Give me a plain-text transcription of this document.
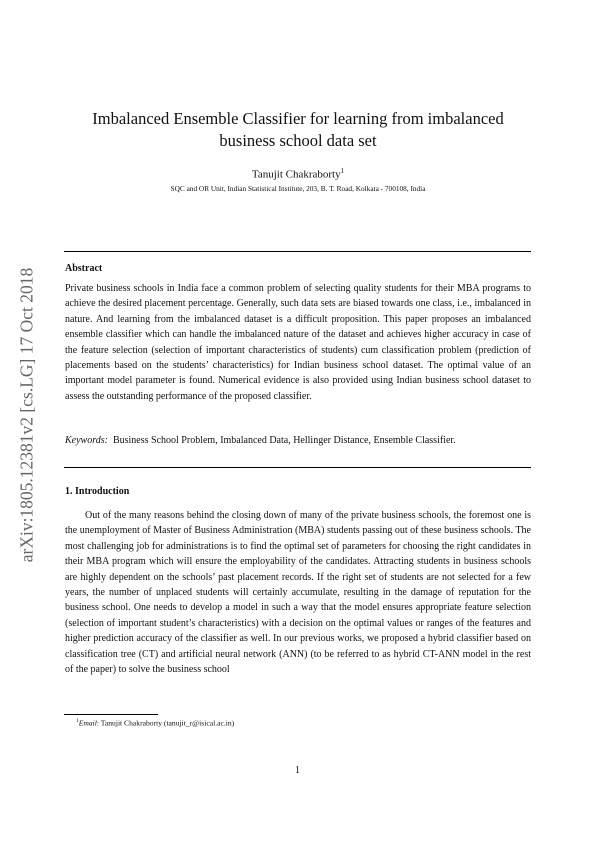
arXiv:1805.12381v2 [cs.LG] 17 Oct 2018
Imbalanced Ensemble Classifier for learning from imbalanced
business school data set
Tanujit Chakraborty$^1$
SQC and OR Unit, Indian Statistical Institute, 203, B. T. Road, Kolkata - 700108, India
Abstract
Private business schools in India face a common problem of selecting quality students for their MBA programs to achieve the desired placement percentage. Generally, such data sets are biased towards one class, i.e., imbalanced in nature. And learning from the imbalanced dataset is a difficult proposition. This paper proposes an imbalanced ensemble classifier which can handle the imbalanced nature of the dataset and achieves higher accuracy in case of the feature selection (selection of important characteristics of students) cum classification problem (prediction of placements based on the students’ characteristics) for Indian business school dataset. The optimal value of an important model parameter is found. Numerical evidence is also provided using Indian business school dataset to assess the outstanding performance of the proposed classifier.
Keywords: Business School Problem, Imbalanced Data, Hellinger Distance, Ensemble Classifier.
1. Introduction
Out of the many reasons behind the closing down of many of the private business schools, the foremost one is the unemployment of Master of Business Administration (MBA) students passing out of these business schools. The most challenging job for administrations is to find the optimal set of parameters for choosing the right candidates in their MBA program which will ensure the employability of the candidates. Attracting students in business schools are highly dependent on the schools’ past placement records. If the right set of students are not selected for a few years, the number of unplaced students will certainly accumulate, resulting in the damage of reputation for the business school. One needs to develop a model in such a way that the model ensures appropriate feature selection (selection of important student’s characteristics) with a decision on the optimal values or ranges of the features and higher prediction accuracy of the classifier as well. In our previous works, we proposed a hybrid classifier based on classification tree (CT) and artificial neural network (ANN) (to be referred to as hybrid CT-ANN model in the rest of the paper) to solve the business school
$^1$Email: Tanujit Chakraborty (tanujit_r@isical.ac.in)
1
